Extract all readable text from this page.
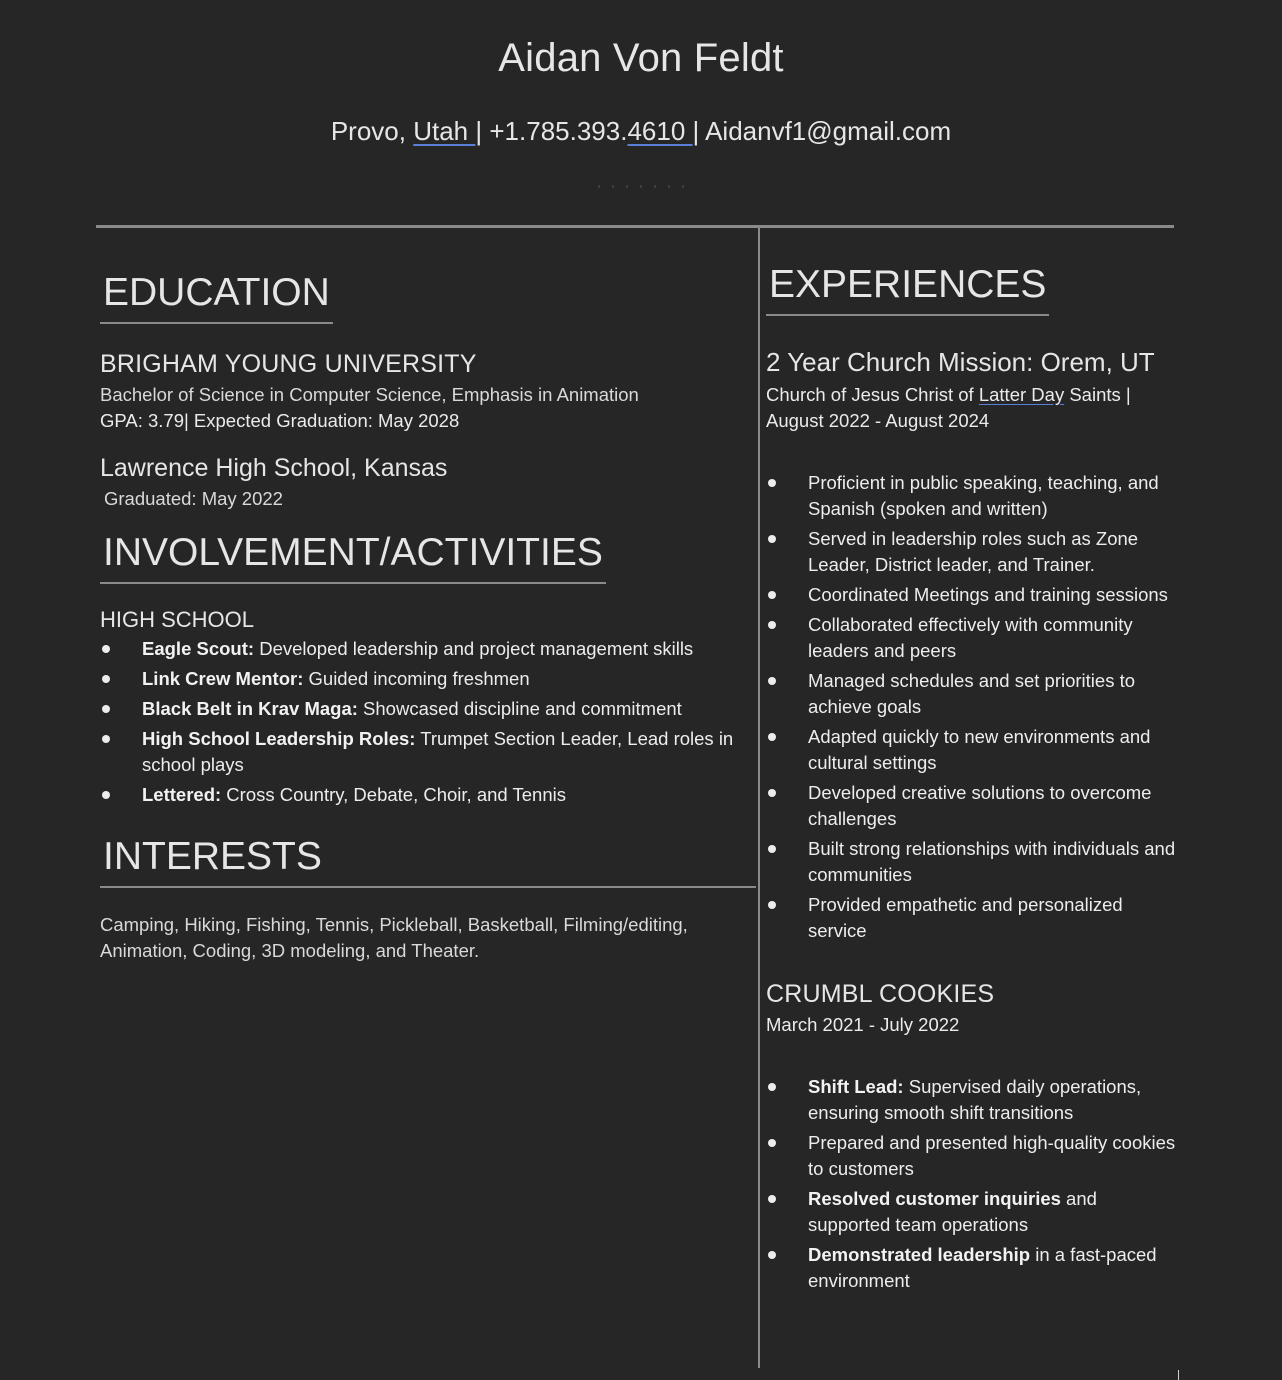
Aidan Von Feldt
Provo, Utah | +1.785.393.4610 | Aidanvf1@gmail.com
EDUCATION
BRIGHAM YOUNG UNIVERSITY
Bachelor of Science in Computer Science, Emphasis in Animation
GPA: 3.79| Expected Graduation: May 2028
Lawrence High School, Kansas
Graduated: May 2022
INVOLVEMENT/ACTIVITIES
HIGH SCHOOL
Eagle Scout: Developed leadership and project management skills
Link Crew Mentor: Guided incoming freshmen
Black Belt in Krav Maga: Showcased discipline and commitment
High School Leadership Roles: Trumpet Section Leader, Lead roles in school plays
Lettered: Cross Country, Debate, Choir, and Tennis
INTERESTS
Camping, Hiking, Fishing, Tennis, Pickleball, Basketball, Filming/editing, Animation, Coding, 3D modeling, and Theater.
EXPERIENCES
2 Year Church Mission: Orem, UT
Church of Jesus Christ of Latter Day Saints |
August 2022 - August 2024
Proficient in public speaking, teaching, and Spanish (spoken and written)
Served in leadership roles such as Zone Leader, District leader, and Trainer.
Coordinated Meetings and training sessions
Collaborated effectively with community leaders and peers
Managed schedules and set priorities to achieve goals
Adapted quickly to new environments and cultural settings
Developed creative solutions to overcome challenges
Built strong relationships with individuals and communities
Provided empathetic and personalized service
CRUMBL COOKIES
March 2021 - July 2022
Shift Lead: Supervised daily operations, ensuring smooth shift transitions
Prepared and presented high-quality cookies to customers
Resolved customer inquiries and supported team operations
Demonstrated leadership in a fast-paced environment
